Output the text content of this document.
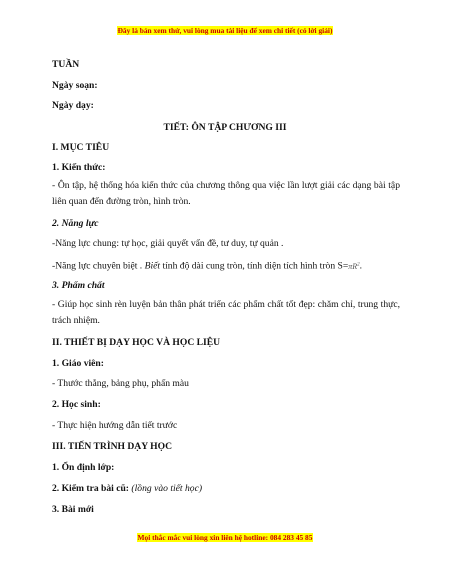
Đây là bản xem thử, vui lòng mua tài liệu để xem chi tiết (có lời giải)
TUẦN
Ngày soạn:
Ngày dạy:
TIẾT: ÔN TẬP CHƯƠNG III
I. MỤC TIÊU
1. Kiến thức:
- Ôn tập, hệ thống hóa kiến thức của chương thông qua việc lần lượt giải các dạng bài tập liên quan đến đường tròn, hình tròn.
2. Năng lực
-Năng lực chung: tự học, giải quyết vấn đề, tư duy, tự quản .
-Năng lực chuyên biệt . Biết tính độ dài cung tròn, tính diện tích hình tròn $S=\pi R^2$.
3. Phẩm chất
- Giúp học sinh rèn luyện bản thân phát triển các phẩm chất tốt đẹp: chăm chỉ, trung thực, trách nhiệm.
II. THIẾT BỊ DẠY HỌC VÀ HỌC LIỆU
1. Giáo viên:
- Thước thẳng, bảng phụ, phấn màu
2. Học sinh:
- Thực hiện hướng dẫn tiết trước
III. TIẾN TRÌNH DẠY HỌC
1. Ổn định lớp:
2. Kiểm tra bài cũ: (lồng vào tiết học)
3. Bài mới
Mọi thắc mắc vui lòng xin liên hệ hotline: 084 283 45 85
